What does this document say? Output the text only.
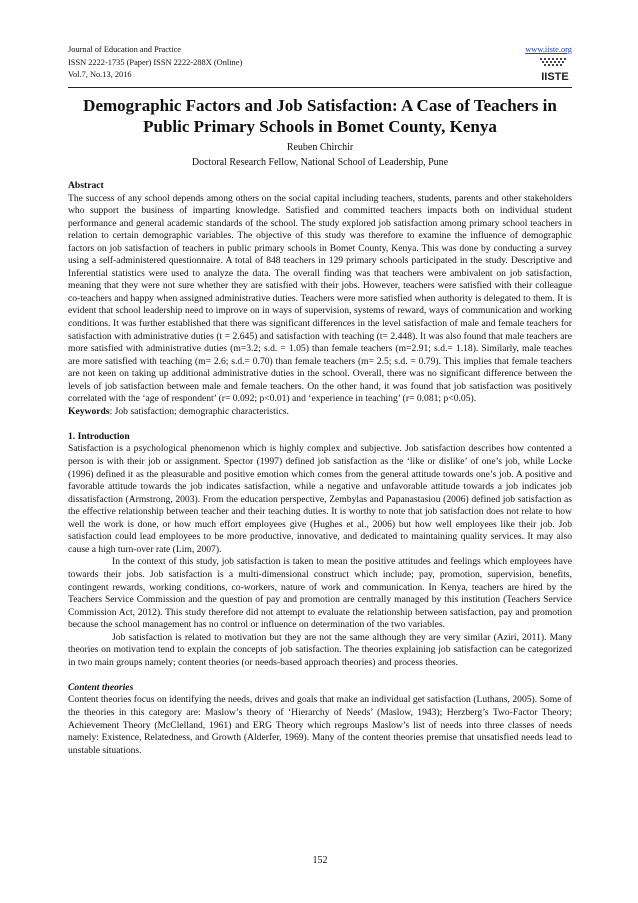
Journal of Education and Practice
ISSN 2222-1735 (Paper) ISSN 2222-288X (Online)
Vol.7, No.13, 2016
www.iiste.org
IISTE
Demographic Factors and Job Satisfaction: A Case of Teachers in Public Primary Schools in Bomet County, Kenya
Reuben Chirchir
Doctoral Research Fellow, National School of Leadership, Pune

Abstract

The success of any school depends among others on the social capital including teachers, students, parents and other stakeholders who support the business of imparting knowledge. Satisfied and committed teachers impacts both on individual student performance and general academic standards of the school. The study explored job satisfaction among primary school teachers in relation to certain demographic variables. The objective of this study was therefore to examine the influence of demographic factors on job satisfaction of teachers in public primary schools in Bomet County, Kenya. This was done by conducting a survey using a self-administered questionnaire. A total of 848 teachers in 129 primary schools participated in the study. Descriptive and Inferential statistics were used to analyze the data. The overall finding was that teachers were ambivalent on job satisfaction, meaning that they were not sure whether they are satisfied with their jobs. However, teachers were satisfied with their colleague co-teachers and happy when assigned administrative duties. Teachers were more satisfied when authority is delegated to them. It is evident that school leadership need to improve on in ways of supervision, systems of reward, ways of communication and working conditions. It was further established that there was significant differences in the level satisfaction of male and female teachers for satisfaction with administrative duties (t = 2.645) and satisfaction with teaching (t= 2.448). It was also found that male teachers are more satisfied with administrative duties (m=3.2; s.d. = 1.05) than female teachers (m=2.91; s.d.= 1.18). Similarly, male teaches are more satisfied with teaching (m= 2.6; s.d.= 0.70) than female teachers (m= 2.5; s.d. = 0.79). This implies that female teachers are not keen on taking up additional administrative duties in the school. Overall, there was no significant difference between the levels of job satisfaction between male and female teachers. On the other hand, it was found that job satisfaction was positively correlated with the ‘age of respondent’ (r= 0.092; p<0.01) and ‘experience in teaching’ (r= 0.081; p<0.05).

Keywords: Job satisfaction; demographic characteristics.

1. Introduction

Satisfaction is a psychological phenomenon which is highly complex and subjective. Job satisfaction describes how contented a person is with their job or assignment. Spector (1997) defined job satisfaction as the ‘like or dislike’ of one’s job, while Locke (1996) defined it as the pleasurable and positive emotion which comes from the general attitude towards one’s job. A positive and favorable attitude towards the job indicates satisfaction, while a negative and unfavorable attitude towards a job indicates job dissatisfaction (Armstrong, 2003). From the education perspective, Zembylas and Papanastasiou (2006) defined job satisfaction as the effective relationship between teacher and their teaching duties. It is worthy to note that job satisfaction does not relate to how well the work is done, or how much effort employees give (Hughes et al., 2006) but how well employees like their job. Job satisfaction could lead employees to be more productive, innovative, and dedicated to maintaining quality services. It may also cause a high turn-over rate (Lim, 2007).

In the context of this study, job satisfaction is taken to mean the positive attitudes and feelings which employees have towards their jobs. Job satisfaction is a multi-dimensional construct which include; pay, promotion, supervision, benefits, contingent rewards, working conditions, co-workers, nature of work and communication. In Kenya, teachers are hired by the Teachers Service Commission and the question of pay and promotion are centrally managed by this institution (Teachers Service Commission Act, 2012). This study therefore did not attempt to evaluate the relationship between satisfaction, pay and promotion because the school management has no control or influence on determination of the two variables.

Job satisfaction is related to motivation but they are not the same although they are very similar (Aziri, 2011). Many theories on motivation tend to explain the concepts of job satisfaction. The theories explaining job satisfaction can be categorized in two main groups namely; content theories (or needs-based approach theories) and process theories.

Content theories

Content theories focus on identifying the needs, drives and goals that make an individual get satisfaction (Luthans, 2005). Some of the theories in this category are: Maslow’s theory of ‘Hierarchy of Needs’ (Maslow, 1943); Herzberg’s Two-Factor Theory; Achievement Theory (McClelland, 1961) and ERG Theory which regroups Maslow’s list of needs into three classes of needs namely: Existence, Relatedness, and Growth (Alderfer, 1969). Many of the content theories premise that unsatisfied needs lead to unstable situations.

152
